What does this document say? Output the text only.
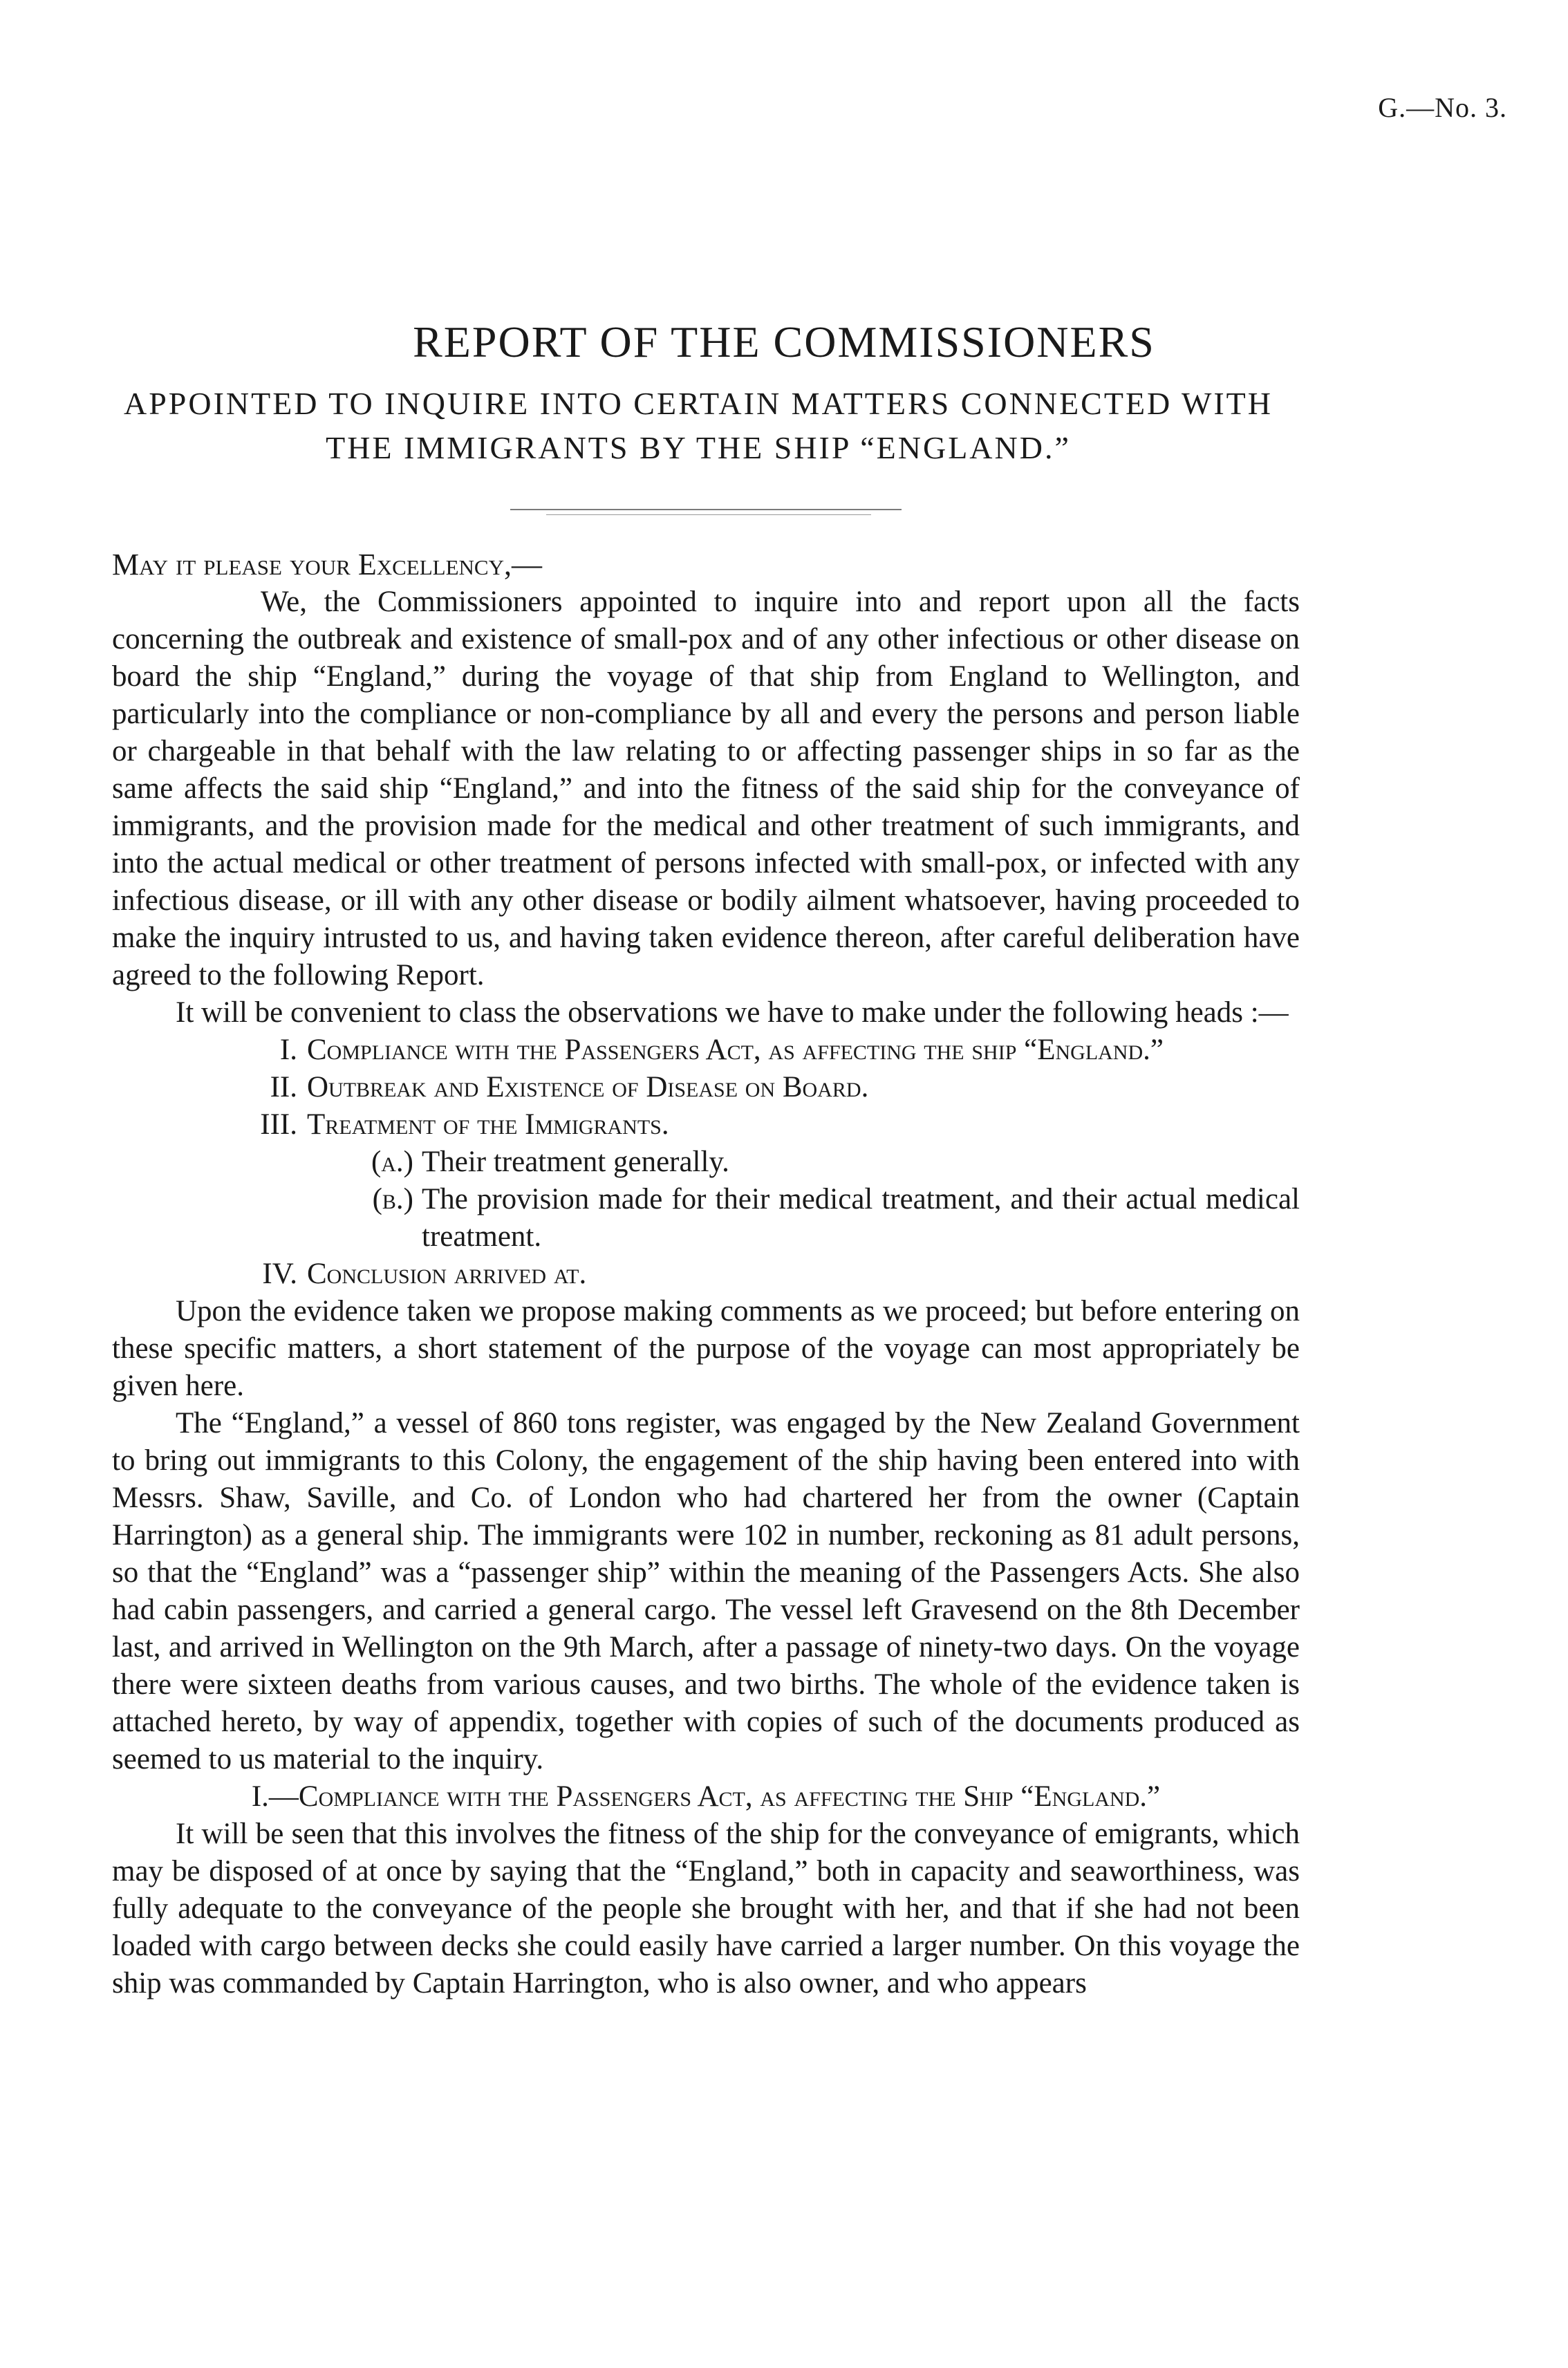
G.—No. 3.
REPORT OF THE COMMISSIONERS
APPOINTED TO INQUIRE INTO CERTAIN MATTERS CONNECTED WITH THE IMMIGRANTS BY THE SHIP “ENGLAND.”

May it please your Excellency,—

We, the Commissioners appointed to inquire into and report upon all the facts concerning the outbreak and existence of small-pox and of any other infectious or other disease on board the ship “England,” during the voyage of that ship from England to Wellington, and particularly into the compliance or non-compliance by all and every the persons and person liable or chargeable in that behalf with the law relating to or affecting passenger ships in so far as the same affects the said ship “England,” and into the fitness of the said ship for the conveyance of immigrants, and the provision made for the medical and other treatment of such immigrants, and into the actual medical or other treatment of persons infected with small-pox, or infected with any infectious disease, or ill with any other disease or bodily ailment whatsoever, having proceeded to make the inquiry intrusted to us, and having taken evidence thereon, after careful deliberation have agreed to the following Report.

It will be convenient to class the observations we have to make under the following heads :—

I. Compliance with the Passengers Act, as affecting the ship “England.”
II. Outbreak and Existence of Disease on Board.
III. Treatment of the Immigrants.
(a.) Their treatment generally.
(b.) The provision made for their medical treatment, and their actual medical treatment.
IV. Conclusion arrived at.

Upon the evidence taken we propose making comments as we proceed; but before entering on these specific matters, a short statement of the purpose of the voyage can most appropriately be given here.

The “England,” a vessel of 860 tons register, was engaged by the New Zealand Government to bring out immigrants to this Colony, the engagement of the ship having been entered into with Messrs. Shaw, Saville, and Co. of London who had chartered her from the owner (Captain Harrington) as a general ship. The immigrants were 102 in number, reckoning as 81 adult persons, so that the “England” was a “passenger ship” within the meaning of the Passengers Acts. She also had cabin passengers, and carried a general cargo. The vessel left Gravesend on the 8th December last, and arrived in Wellington on the 9th March, after a passage of ninety-two days. On the voyage there were sixteen deaths from various causes, and two births. The whole of the evidence taken is attached hereto, by way of appendix, together with copies of such of the documents produced as seemed to us material to the inquiry.

I.—Compliance with the Passengers Act, as affecting the Ship “England.”

It will be seen that this involves the fitness of the ship for the conveyance of emigrants, which may be disposed of at once by saying that the “England,” both in capacity and seaworthiness, was fully adequate to the conveyance of the people she brought with her, and that if she had not been loaded with cargo between decks she could easily have carried a larger number. On this voyage the ship was commanded by Captain Harrington, who is also owner, and who appears
